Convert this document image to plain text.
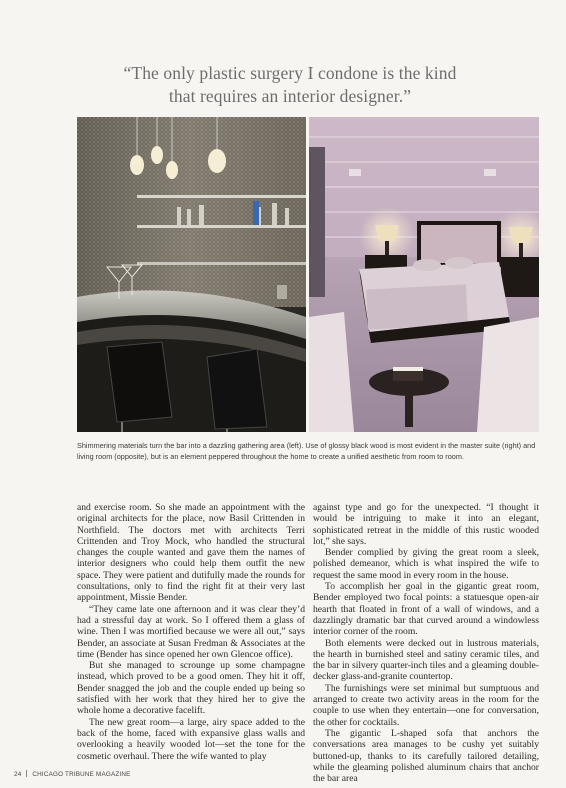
“The only plastic surgery I condone is the kind
that requires an interior designer.”
Shimmering materials turn the bar into a dazzling gathering area (left). Use of glossy black wood is most evident in the master suite (right) and living room (opposite), but is an element peppered throughout the home to create a unified aesthetic from room to room.

and exercise room. So she made an appointment with the original architects for the place, now Basil Crittenden in Northfield. The doctors met with architects Terri Crittenden and Troy Mock, who handled the structural changes the couple wanted and gave them the names of interior designers who could help them outfit the new space. They were patient and dutifully made the rounds for consultations, only to find the right fit at their very last appointment, Missie Bender.

“They came late one afternoon and it was clear they’d had a stressful day at work. So I offered them a glass of wine. Then I was mortified because we were all out,” says Bender, an associate at Susan Fredman & Associates at the time (Bender has since opened her own Glencoe office).

But she managed to scrounge up some champagne instead, which proved to be a good omen. They hit it off, Bender snagged the job and the couple ended up being so satisfied with her work that they hired her to give the whole home a decorative facelift.

The new great room—a large, airy space added to the back of the home, faced with expansive glass walls and overlooking a heavily wooded lot—set the tone for the cosmetic overhaul. There the wife wanted to play

against type and go for the unexpected. “I thought it would be intriguing to make it into an elegant, sophisticated retreat in the middle of this rustic wooded lot,” she says.

Bender complied by giving the great room a sleek, polished demeanor, which is what inspired the wife to request the same mood in every room in the house.

To accomplish her goal in the gigantic great room, Bender employed two focal points: a statuesque open-air hearth that floated in front of a wall of windows, and a dazzlingly dramatic bar that curved around a windowless interior corner of the room.

Both elements were decked out in lustrous materials, the hearth in burnished steel and satiny ceramic tiles, and the bar in silvery quarter-inch tiles and a gleaming double-decker glass-and-granite countertop.

The furnishings were set minimal but sumptuous and arranged to create two activity areas in the room for the couple to use when they entertain—one for conversation, the other for cocktails.

The gigantic L-shaped sofa that anchors the conversations area manages to be cushy yet suitably buttoned-up, thanks to its carefully tailored detailing, while the gleaming polished aluminum chairs that anchor the bar area

24 CHICAGO TRIBUNE MAGAZINE
